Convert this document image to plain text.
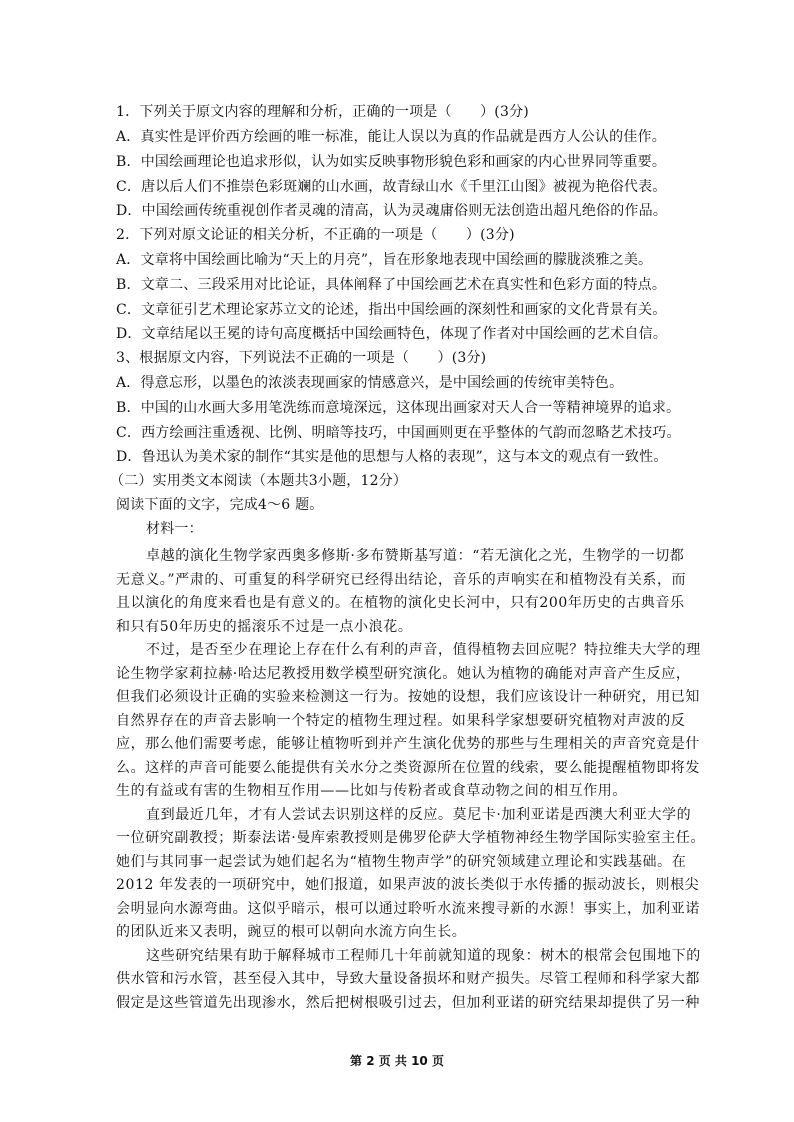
1．下列关于原文内容的理解和分析，正确的一项是（　　）(3分)
A．真实性是评价西方绘画的唯一标准，能让人误以为真的作品就是西方人公认的佳作。
B．中国绘画理论也追求形似，认为如实反映事物形貌色彩和画家的内心世界同等重要。
C．唐以后人们不推崇色彩斑斓的山水画，故青绿山水《千里江山图》被视为艳俗代表。
D．中国绘画传统重视创作者灵魂的清高，认为灵魂庸俗则无法创造出超凡绝俗的作品。
2．下列对原文论证的相关分析，不正确的一项是（　　）(3分)
A．文章将中国绘画比喻为“天上的月亮”，旨在形象地表现中国绘画的朦胧淡雅之美。
B．文章二、三段采用对比论证，具体阐释了中国绘画艺术在真实性和色彩方面的特点。
C．文章征引艺术理论家苏立文的论述，指出中国绘画的深刻性和画家的文化背景有关。
D．文章结尾以王冕的诗句高度概括中国绘画特色，体现了作者对中国绘画的艺术自信。
3、根据原文内容，下列说法不正确的一项是（　　）(3分)
A．得意忘形，以墨色的浓淡表现画家的情感意兴，是中国绘画的传统审美特色。
B．中国的山水画大多用笔洗练而意境深远，这体现出画家对天人合一等精神境界的追求。
C．西方绘画注重透视、比例、明暗等技巧，中国画则更在乎整体的气韵而忽略艺术技巧。
D．鲁迅认为美术家的制作“其实是他的思想与人格的表现”，这与本文的观点有一致性。
（二）实用类文本阅读（本题共3小题，12分）
阅读下面的文字，完成4～6 题。
材料一：
卓越的演化生物学家西奥多修斯·多布赞斯基写道：“若无演化之光，生物学的一切都
无意义。”严肃的、可重复的科学研究已经得出结论，音乐的声响实在和植物没有关系，而
且以演化的角度来看也是有意义的。在植物的演化史长河中，只有200年历史的古典音乐
和只有50年历史的摇滚乐不过是一点小浪花。
不过，是否至少在理论上存在什么有利的声音，值得植物去回应呢？特拉维夫大学的理
论生物学家莉拉赫·哈达尼教授用数学模型研究演化。她认为植物的确能对声音产生反应，
但我们必须设计正确的实验来检测这一行为。按她的设想，我们应该设计一种研究，用已知
自然界存在的声音去影响一个特定的植物生理过程。如果科学家想要研究植物对声波的反
应，那么他们需要考虑，能够让植物听到并产生演化优势的那些与生理相关的声音究竟是什
么。这样的声音可能要么能提供有关水分之类资源所在位置的线索，要么能提醒植物即将发
生的有益或有害的生物相互作用——比如与传粉者或食草动物之间的相互作用。
直到最近几年，才有人尝试去识别这样的反应。莫尼卡·加利亚诺是西澳大利亚大学的
一位研究副教授；斯泰法诺·曼库索教授则是佛罗伦萨大学植物神经生物学国际实验室主任。
她们与其同事一起尝试为她们起名为“植物生物声学”的研究领域建立理论和实践基础。在
2012 年发表的一项研究中，她们报道，如果声波的波长类似于水传播的振动波长，则根尖
会明显向水源弯曲。这似乎暗示，根可以通过聆听水流来搜寻新的水源！事实上，加利亚诺
的团队近来又表明，豌豆的根可以朝向水流方向生长。
这些研究结果有助于解释城市工程师几十年前就知道的现象：树木的根常会包围地下的
供水管和污水管，甚至侵入其中，导致大量设备损坏和财产损失。尽管工程师和科学家大都
第 2 页 共 10 页
假定是这些管道先出现渗水，然后把树根吸引过去，但加利亚诺的研究结果却提供了另一种
